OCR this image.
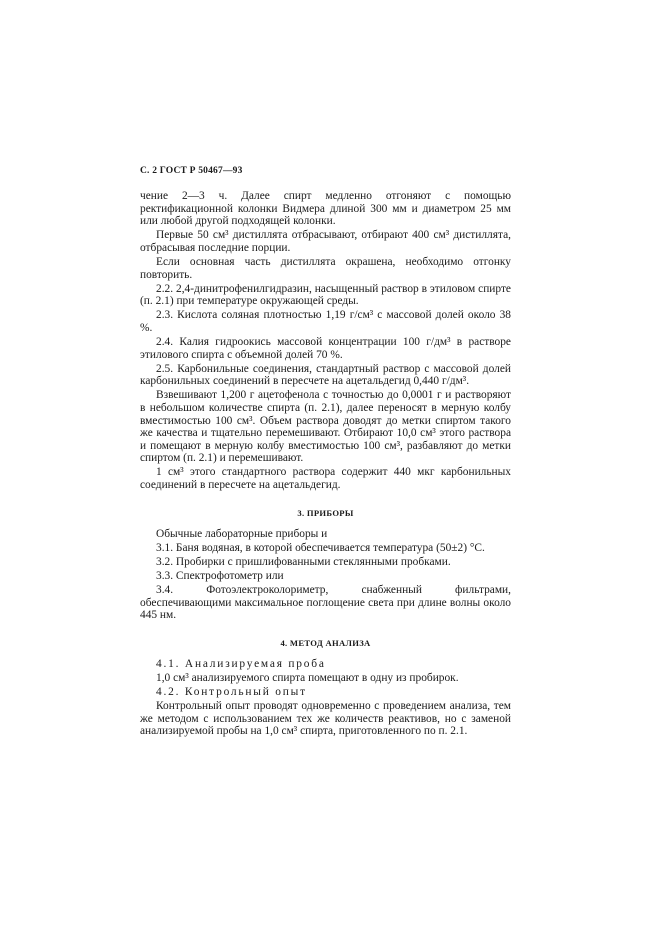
С. 2 ГОСТ Р 50467—93

чение 2—3 ч. Далее спирт медленно отгоняют с помощью ректификационной колонки Видмера длиной 300 мм и диаметром 25 мм или любой другой подходящей колонки.

Первые 50 см³ дистиллята отбрасывают, отбирают 400 см³ дистиллята, отбрасывая последние порции.

Если основная часть дистиллята окрашена, необходимо отгонку повторить.

2.2. 2,4-динитрофенилгидразин, насыщенный раствор в этиловом спирте (п. 2.1) при температуре окружающей среды.

2.3. Кислота соляная плотностью 1,19 г/см³ с массовой долей около 38 %.

2.4. Калия гидроокись массовой концентрации 100 г/дм³ в растворе этилового спирта с объемной долей 70 %.

2.5. Карбонильные соединения, стандартный раствор с массовой долей карбонильных соединений в пересчете на ацетальдегид 0,440 г/дм³.

Взвешивают 1,200 г ацетофенола с точностью до 0,0001 г и растворяют в небольшом количестве спирта (п. 2.1), далее переносят в мерную колбу вместимостью 100 см³. Объем раствора доводят до метки спиртом такого же качества и тщательно перемешивают. Отбирают 10,0 см³ этого раствора и помещают в мерную колбу вместимостью 100 см³, разбавляют до метки спиртом (п. 2.1) и перемешивают.

1 см³ этого стандартного раствора содержит 440 мкг карбонильных соединений в пересчете на ацетальдегид.

3. ПРИБОРЫ

Обычные лабораторные приборы и

3.1. Баня водяная, в которой обеспечивается температура (50±2) °С.

3.2. Пробирки с пришлифованными стеклянными пробками.

3.3. Спектрофотометр или

3.4. Фотоэлектроколориметр, снабженный фильтрами, обеспечивающими максимальное поглощение света при длине волны около 445 нм.

4. МЕТОД АНАЛИЗА

4.1. Анализируемая проба

1,0 см³ анализируемого спирта помещают в одну из пробирок.

4.2. Контрольный опыт

Контрольный опыт проводят одновременно с проведением анализа, тем же методом с использованием тех же количеств реактивов, но с заменой анализируемой пробы на 1,0 см³ спирта, приготовленного по п. 2.1.
